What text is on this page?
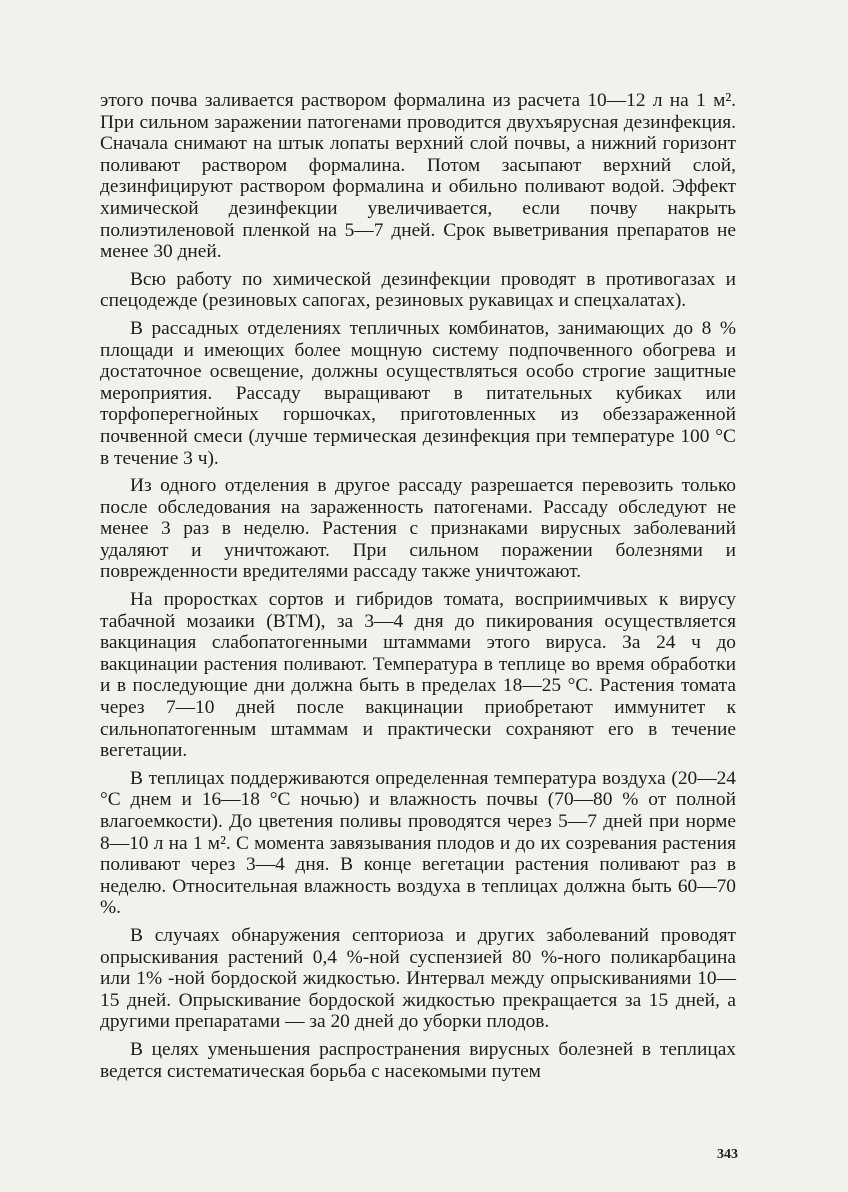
этого почва заливается раствором формалина из расчета 10—12 л на 1 м². При сильном заражении патогенами проводится двухъярусная дезинфекция. Сначала снимают на штык лопаты верхний слой почвы, а нижний горизонт поливают раствором формалина. Потом засыпают верхний слой, дезинфицируют раствором формалина и обильно поливают водой. Эффект химической дезинфекции увеличивается, если почву накрыть полиэтиленовой пленкой на 5—7 дней. Срок выветривания препаратов не менее 30 дней.

Всю работу по химической дезинфекции проводят в противогазах и спецодежде (резиновых сапогах, резиновых рукавицах и спецхалатах).

В рассадных отделениях тепличных комбинатов, занимающих до 8 % площади и имеющих более мощную систему подпочвенного обогрева и достаточное освещение, должны осуществляться особо строгие защитные мероприятия. Рассаду выращивают в питательных кубиках или торфоперегнойных горшочках, приготовленных из обеззараженной почвенной смеси (лучше термическая дезинфекция при температуре 100 °С в течение 3 ч).

Из одного отделения в другое рассаду разрешается перевозить только после обследования на зараженность патогенами. Рассаду обследуют не менее 3 раз в неделю. Растения с признаками вирусных заболеваний удаляют и уничтожают. При сильном поражении болезнями и поврежденности вредителями рассаду также уничтожают.

На проростках сортов и гибридов томата, восприимчивых к вирусу табачной мозаики (ВТМ), за 3—4 дня до пикирования осуществляется вакцинация слабопатогенными штаммами этого вируса. За 24 ч до вакцинации растения поливают. Температура в теплице во время обработки и в последующие дни должна быть в пределах 18—25 °С. Растения томата через 7—10 дней после вакцинации приобретают иммунитет к сильнопатогенным штаммам и практически сохраняют его в течение вегетации.

В теплицах поддерживаются определенная температура воздуха (20—24 °С днем и 16—18 °С ночью) и влажность почвы (70—80 % от полной влагоемкости). До цветения поливы проводятся через 5—7 дней при норме 8—10 л на 1 м². С момента завязывания плодов и до их созревания растения поливают через 3—4 дня. В конце вегетации растения поливают раз в неделю. Относительная влажность воздуха в теплицах должна быть 60—70 %.

В случаях обнаружения септориоза и других заболеваний проводят опрыскивания растений 0,4 %-ной суспензией 80 %-ного поликарбацина или 1% -ной бордоской жидкостью. Интервал между опрыскиваниями 10—15 дней. Опрыскивание бордоской жидкостью прекращается за 15 дней, а другими препаратами — за 20 дней до уборки плодов.

В целях уменьшения распространения вирусных болезней в теплицах ведется систематическая борьба с насекомыми путем

343
